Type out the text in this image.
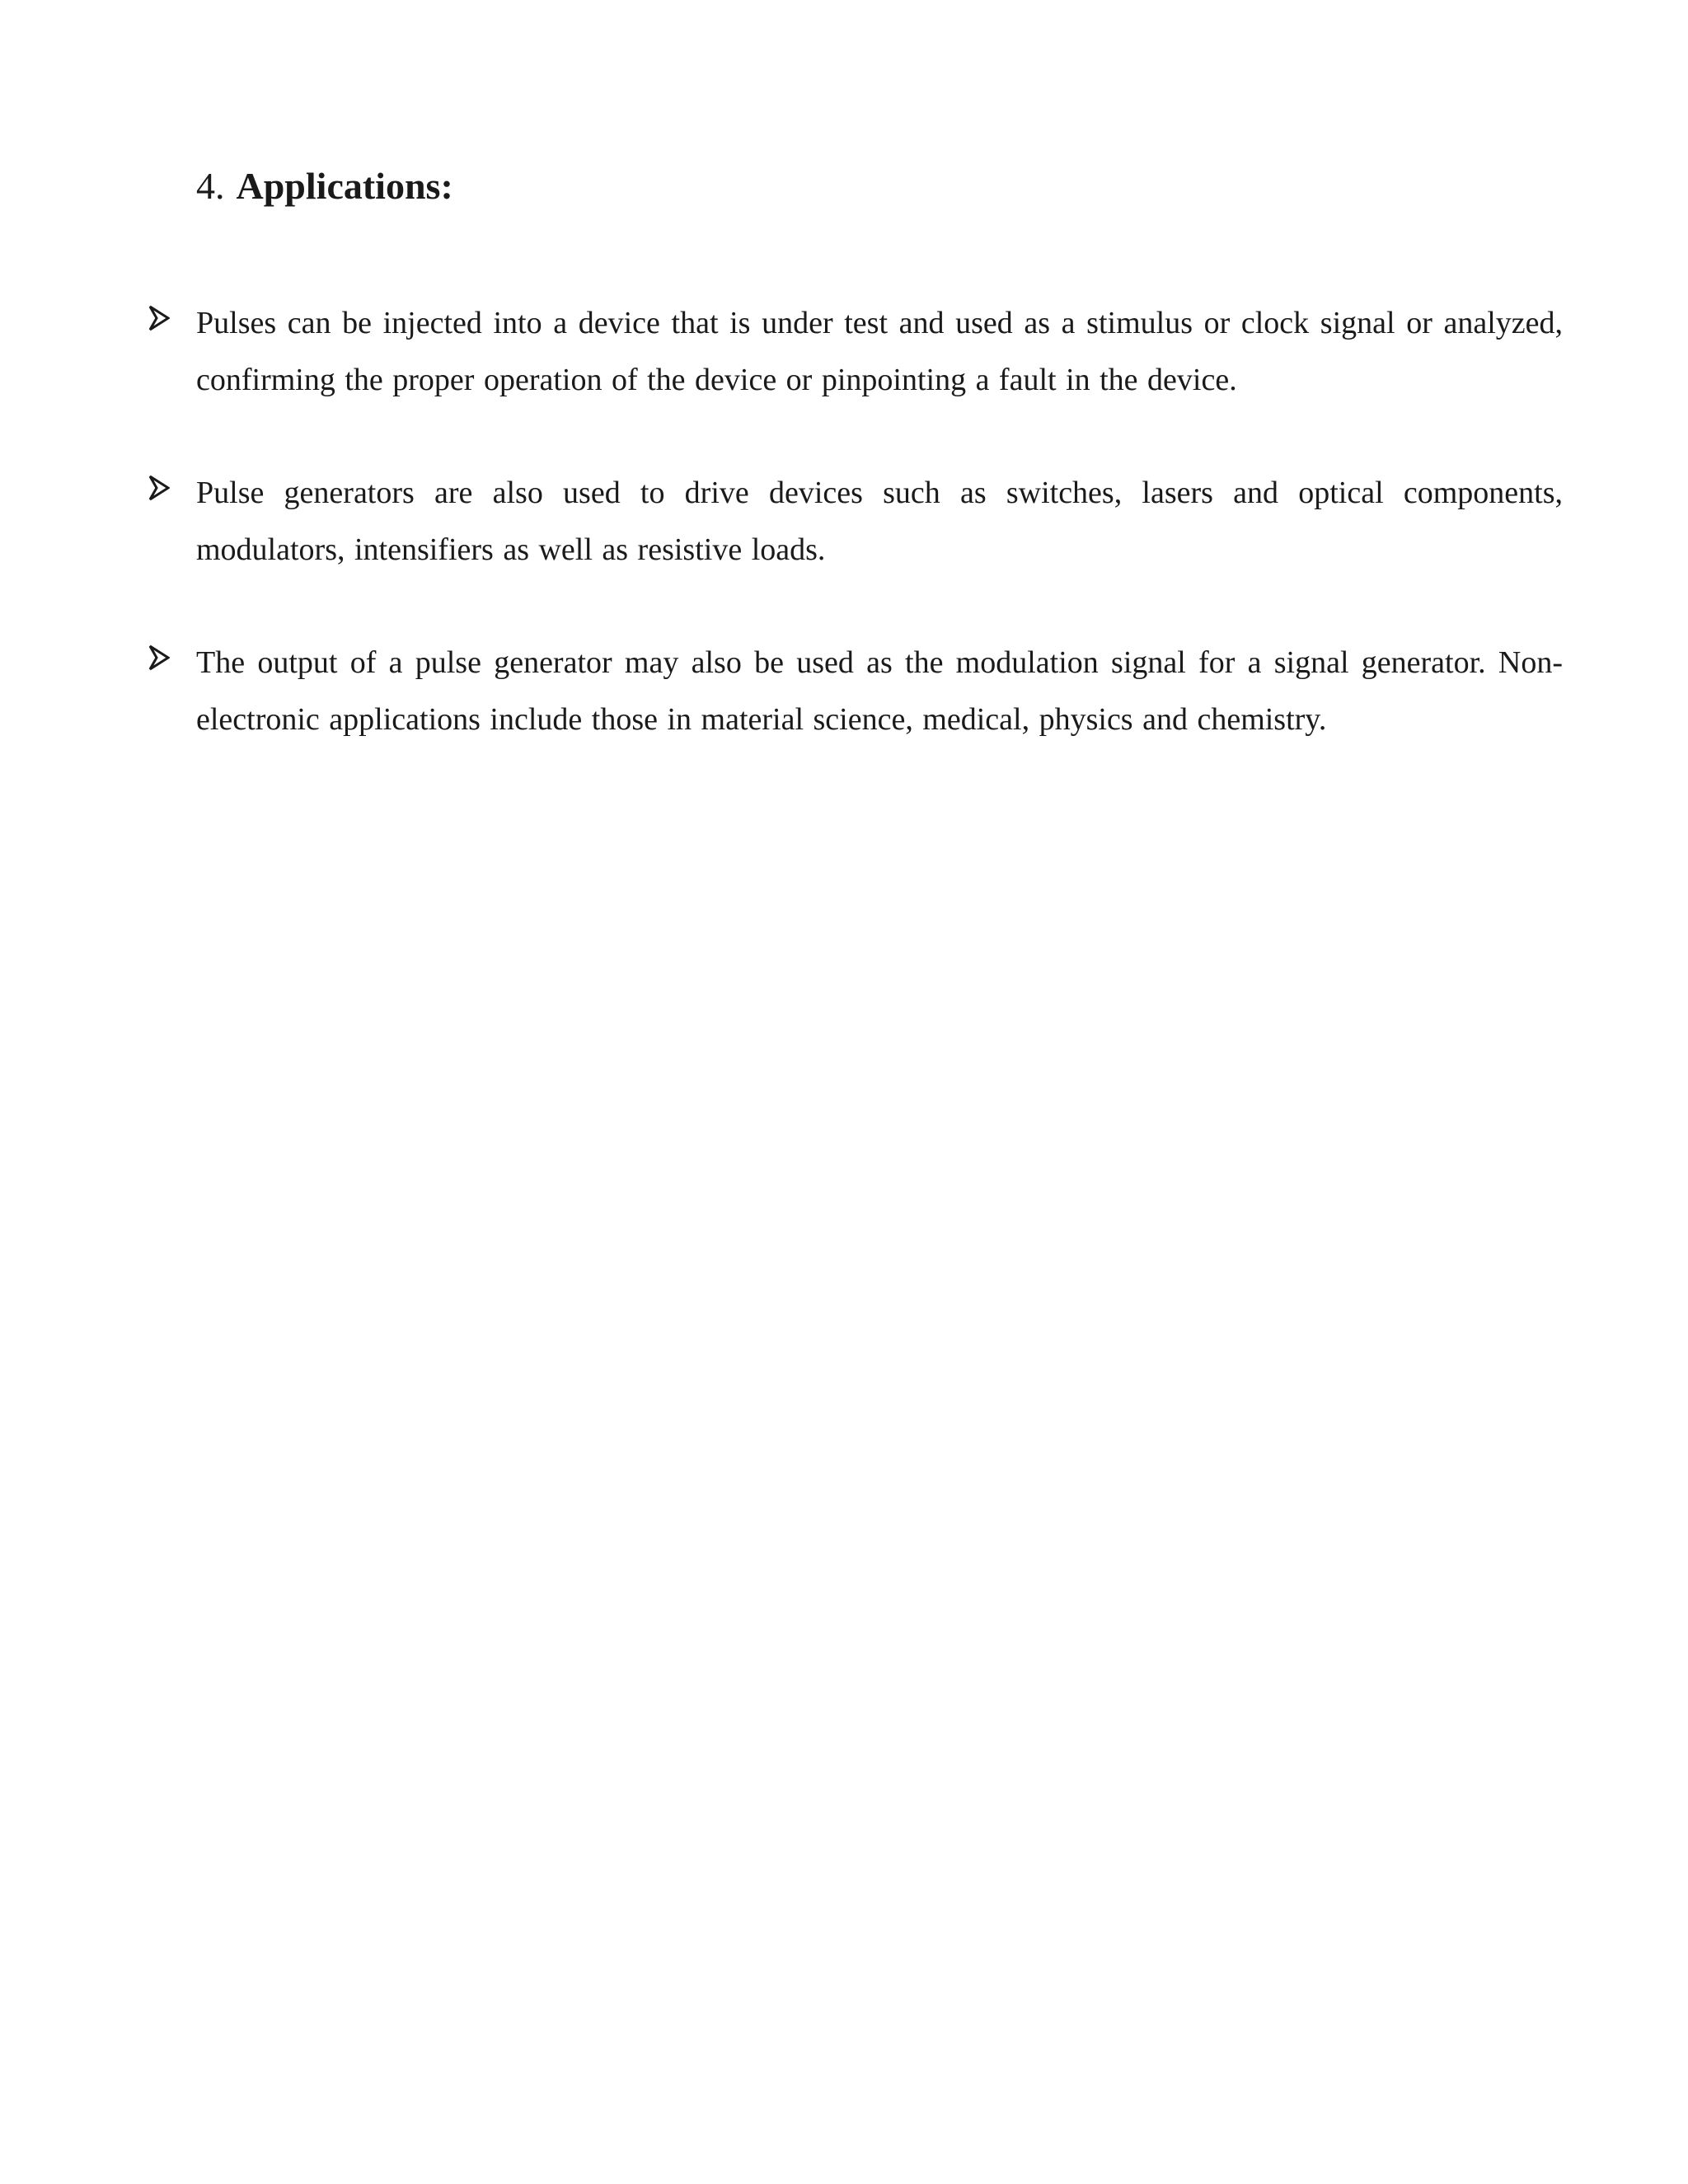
4. Applications:
Pulses can be injected into a device that is under test and used as a stimulus or clock signal or analyzed, confirming the proper operation of the device or pinpointing a fault in the device.
Pulse generators are also used to drive devices such as switches, lasers and optical components, modulators, intensifiers as well as resistive loads.
The output of a pulse generator may also be used as the modulation signal for a signal generator. Non-electronic applications include those in material science, medical, physics and chemistry.
